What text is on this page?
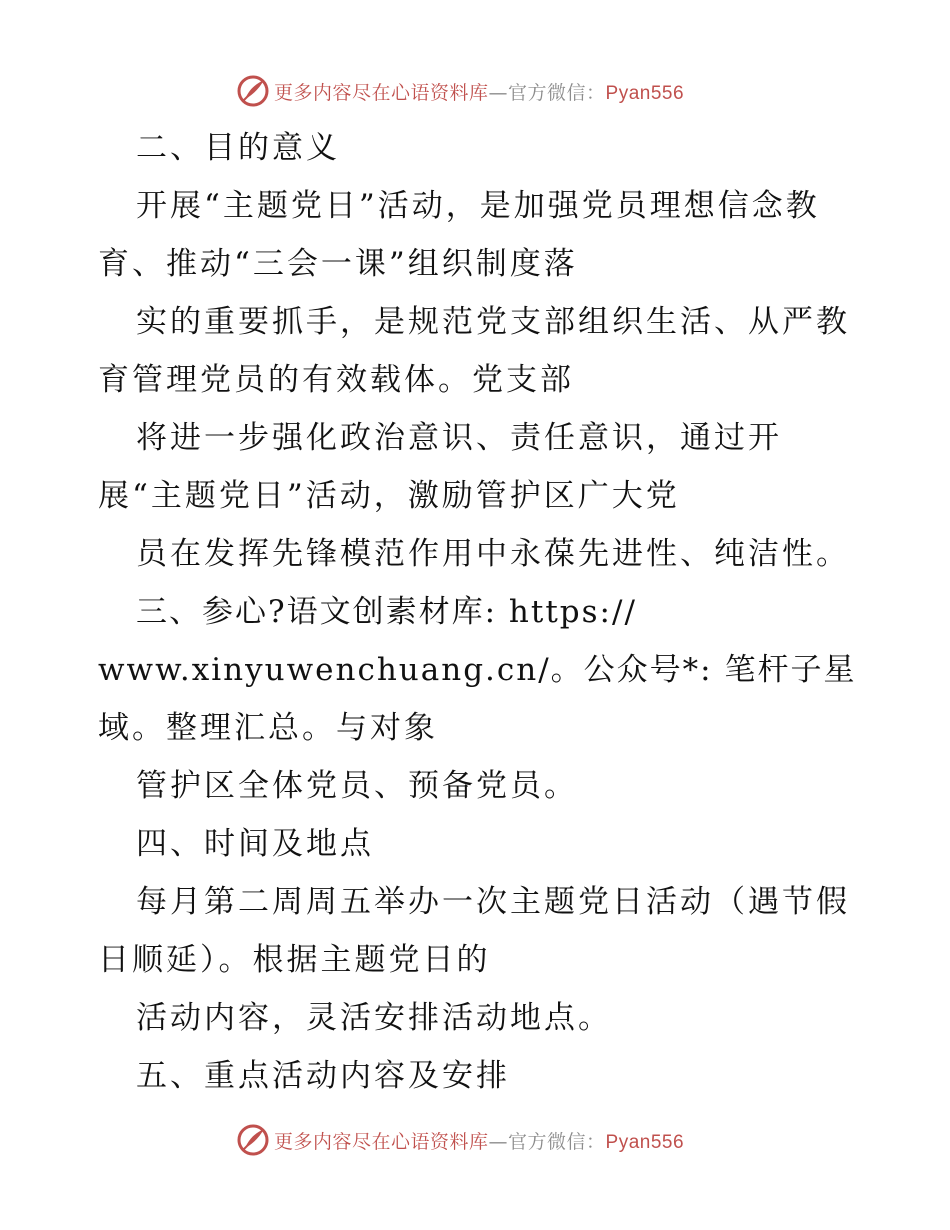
更多内容尽在心语资料库—官方微信：Pyan556
二、目的意义
开展“主题党日”活动，是加强党员理想信念教
育、推动“三会一课”组织制度落
实的重要抓手，是规范党支部组织生活、从严教
育管理党员的有效载体。党支部
将进一步强化政治意识、责任意识，通过开
展“主题党日”活动，激励管护区广大党
员在发挥先锋模范作用中永葆先进性、纯洁性。
三、参心?语文创素材库: https://
www.xinyuwenchuang.cn/。公众号*: 笔杆子星
域。整理汇总。与对象
管护区全体党员、预备党员。
四、时间及地点
每月第二周周五举办一次主题党日活动（遇节假
日顺延）。根据主题党日的
活动内容，灵活安排活动地点。
五、重点活动内容及安排
更多内容尽在心语资料库—官方微信：Pyan556
